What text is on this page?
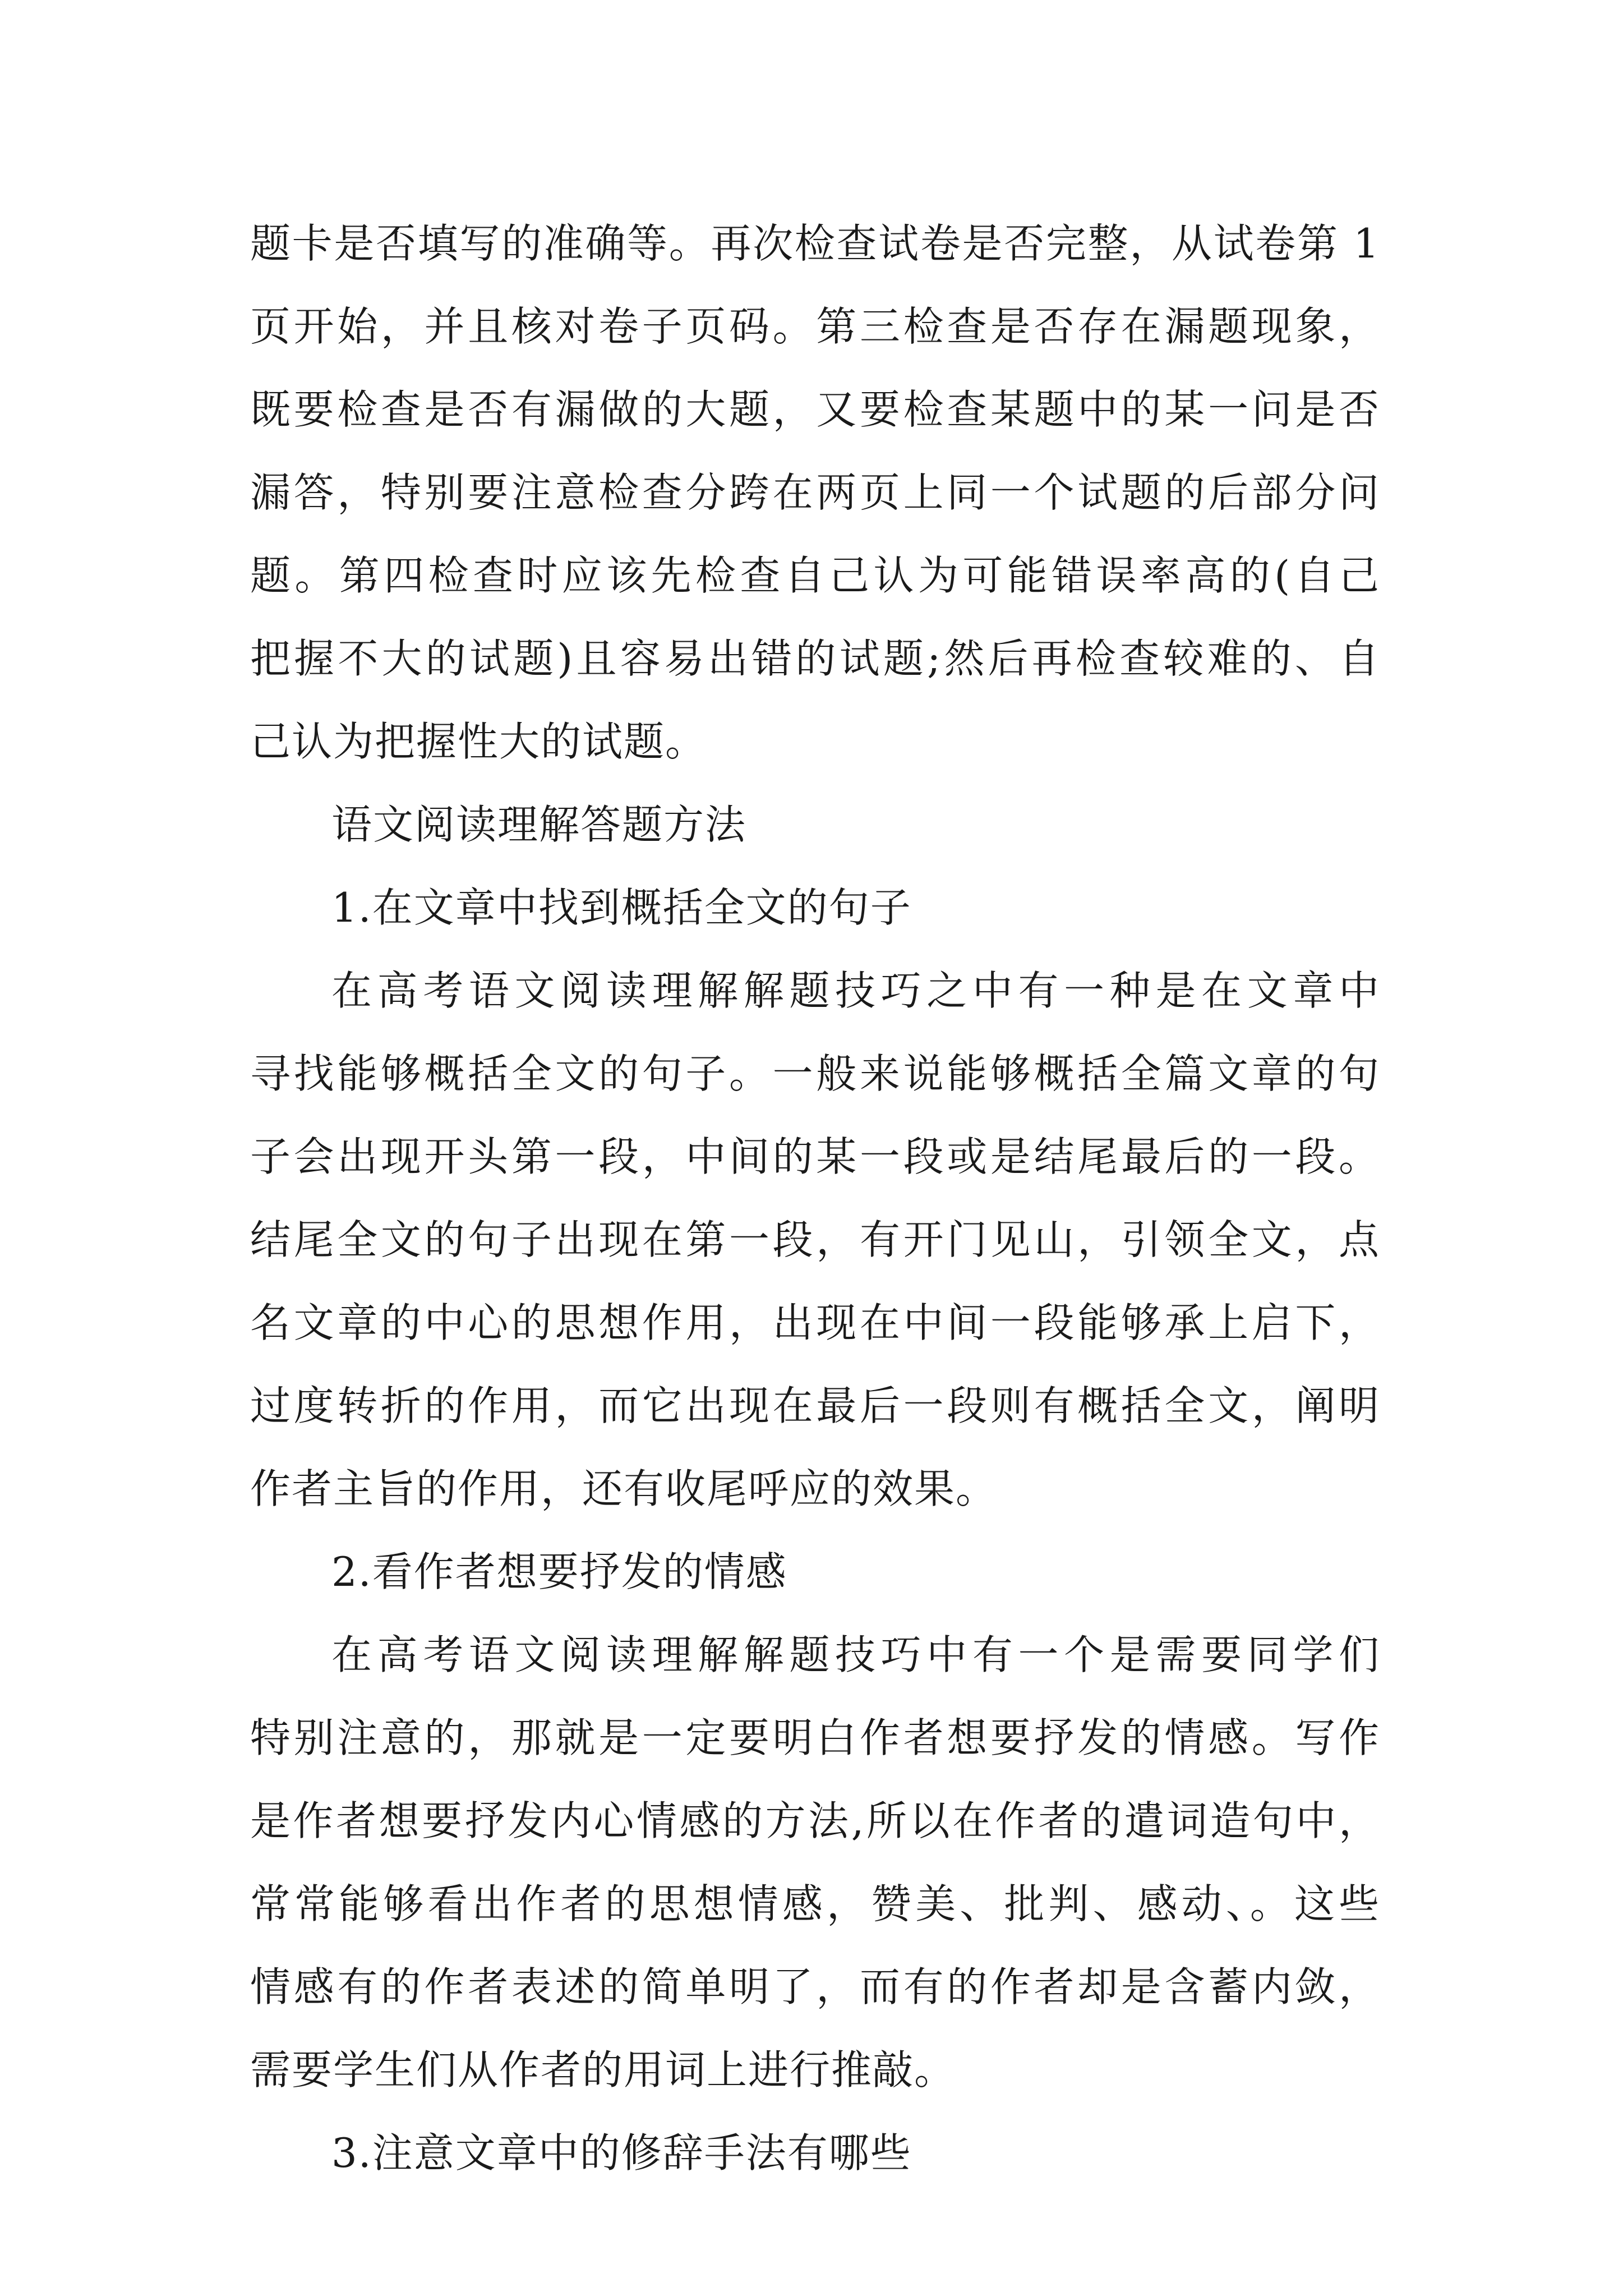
题卡是否填写的准确等。再次检查试卷是否完整，从试卷第 1
页开始，并且核对卷子页码。第三检查是否存在漏题现象，
既要检查是否有漏做的大题，又要检查某题中的某一问是否
漏答，特别要注意检查分跨在两页上同一个试题的后部分问
题。第四检查时应该先检查自己认为可能错误率高的(自己
把握不大的试题)且容易出错的试题;然后再检查较难的、自
己认为把握性大的试题。
语文阅读理解答题方法
1.在文章中找到概括全文的句子
在高考语文阅读理解解题技巧之中有一种是在文章中
寻找能够概括全文的句子。一般来说能够概括全篇文章的句
子会出现开头第一段，中间的某一段或是结尾最后的一段。
结尾全文的句子出现在第一段，有开门见山，引领全文，点
名文章的中心的思想作用，出现在中间一段能够承上启下，
过度转折的作用，而它出现在最后一段则有概括全文，阐明
作者主旨的作用，还有收尾呼应的效果。
2.看作者想要抒发的情感
在高考语文阅读理解解题技巧中有一个是需要同学们
特别注意的，那就是一定要明白作者想要抒发的情感。写作
是作者想要抒发内心情感的方法,所以在作者的遣词造句中，
常常能够看出作者的思想情感，赞美、批判、感动、。这些
情感有的作者表述的简单明了，而有的作者却是含蓄内敛，
需要学生们从作者的用词上进行推敲。
3.注意文章中的修辞手法有哪些
